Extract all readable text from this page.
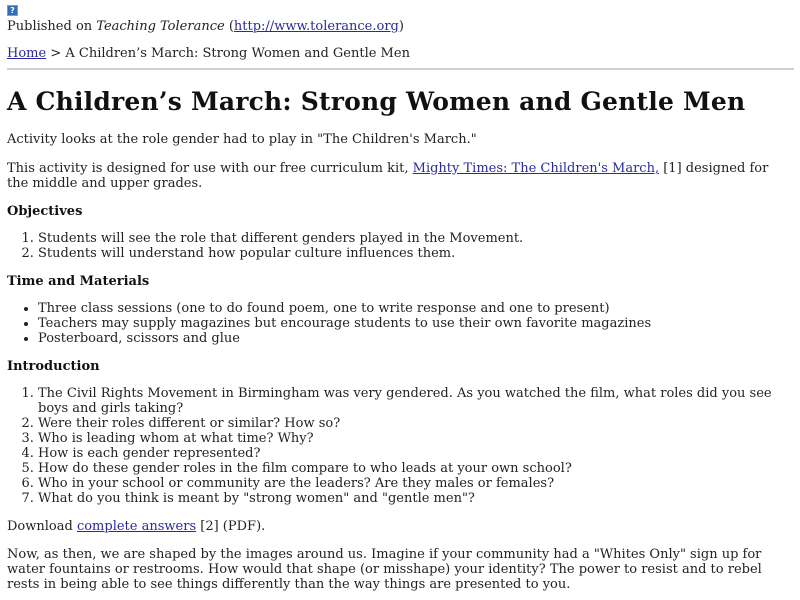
?
Published on Teaching Tolerance (http://www.tolerance.org)
Home > A Children’s March: Strong Women and Gentle Men
A Children’s March: Strong Women and Gentle Men

Activity looks at the role gender had to play in "The Children's March."

This activity is designed for use with our free curriculum kit, Mighty Times: The Children's March, [1] designed for the middle and upper grades.

Objectives
1. Students will see the role that different genders played in the Movement.
2. Students will understand how popular culture influences them.
Time and Materials
• Three class sessions (one to do found poem, one to write response and one to present)
• Teachers may supply magazines but encourage students to use their own favorite magazines
• Posterboard, scissors and glue
Introduction
1. The Civil Rights Movement in Birmingham was very gendered. As you watched the film, what roles did you see boys and girls taking?
2. Were their roles different or similar? How so?
3. Who is leading whom at what time? Why?
4. How is each gender represented?
5. How do these gender roles in the film compare to who leads at your own school?
6. Who in your school or community are the leaders? Are they males or females?
7. What do you think is meant by "strong women" and "gentle men"?

Download complete answers [2] (PDF).

Now, as then, we are shaped by the images around us. Imagine if your community had a "Whites Only" sign up for water fountains or restrooms. How would that shape (or misshape) your identity? The power to resist and to rebel rests in being able to see things differently than the way things are presented to you.
